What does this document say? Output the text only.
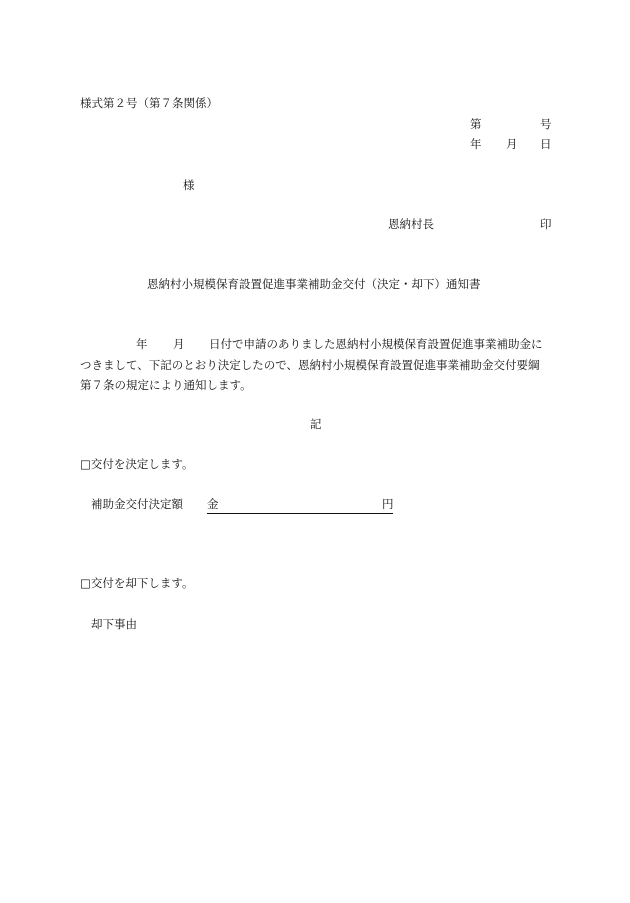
様式第２号（第７条関係）
第	号
年 月 日
様
恩納村長	印
恩納村小規模保育設置促進事業補助金交付（決定・却下）通知書
年 月 日付で申請のありました恩納村小規模保育設置促進事業補助金に
つきまして、下記のとおり決定したので、恩納村小規模保育設置促進事業補助金交付要綱
第７条の規定により通知します。
記
□交付を決定します。
補助金交付決定額 金	円
□交付を却下します。
却下事由
